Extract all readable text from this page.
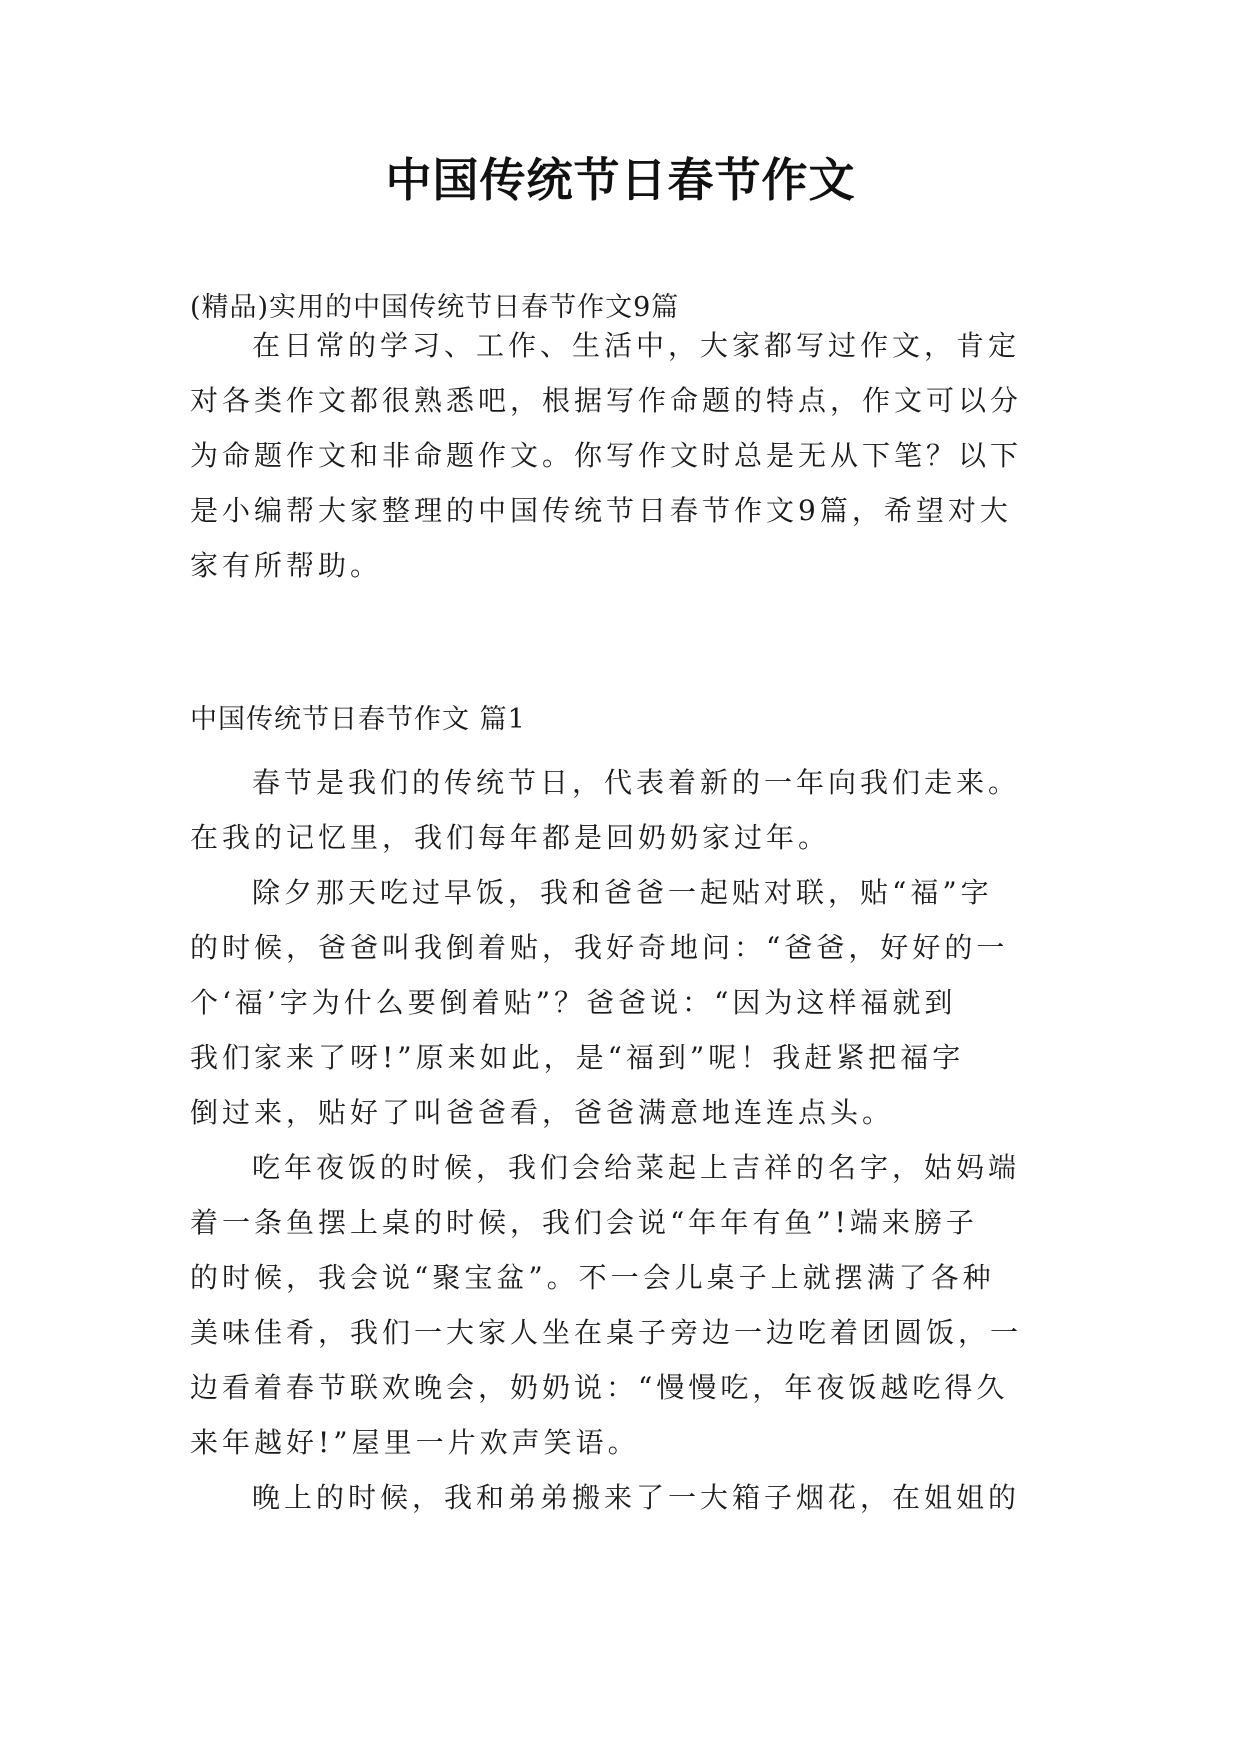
中国传统节日春节作文
(精品)实用的中国传统节日春节作文9篇
在日常的学习、工作、生活中，大家都写过作文，肯定
对各类作文都很熟悉吧，根据写作命题的特点，作文可以分
为命题作文和非命题作文。你写作文时总是无从下笔？以下
是小编帮大家整理的中国传统节日春节作文9篇，希望对大
家有所帮助。
中国传统节日春节作文 篇1
春节是我们的传统节日，代表着新的一年向我们走来。
在我的记忆里，我们每年都是回奶奶家过年。
除夕那天吃过早饭，我和爸爸一起贴对联，贴“福”字
的时候，爸爸叫我倒着贴，我好奇地问：“爸爸，好好的一
个‘福’字为什么要倒着贴”？爸爸说：“因为这样福就到
我们家来了呀!”原来如此，是“福到”呢！我赶紧把福字
倒过来，贴好了叫爸爸看，爸爸满意地连连点头。
吃年夜饭的时候，我们会给菜起上吉祥的名字，姑妈端
着一条鱼摆上桌的时候，我们会说“年年有鱼”!端来膀子
的时候，我会说“聚宝盆”。不一会儿桌子上就摆满了各种
美味佳肴，我们一大家人坐在桌子旁边一边吃着团圆饭，一
边看着春节联欢晚会，奶奶说：“慢慢吃，年夜饭越吃得久
来年越好!”屋里一片欢声笑语。
晚上的时候，我和弟弟搬来了一大箱子烟花，在姐姐的
